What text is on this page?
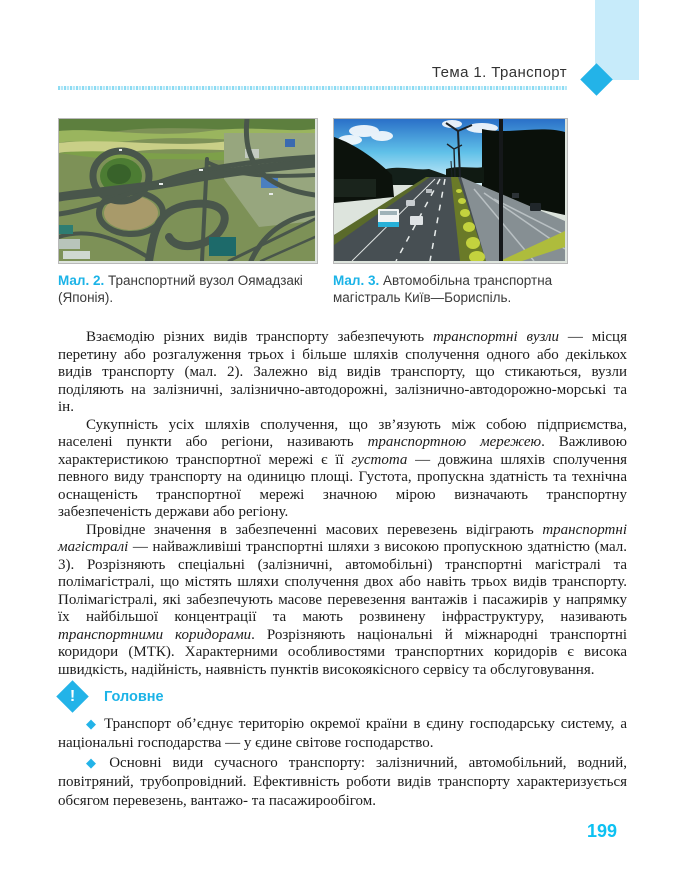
Тема 1. Транспорт
Мал. 2. Транспортний вузол Оямадзакі (Японія).
Мал. 3. Автомобільна транспортна магістраль Київ—Бориспіль.

Взаємодію різних видів транспорту забезпечують транспортні вузли — місця перетину або розгалуження трьох і більше шляхів сполучення одного або декількох видів транспорту (мал. 2). Залежно від видів транспорту, що стикаються, вузли поділяють на залізничні, залізнично-автодорожні, залізнично-автодорожно-морські та ін.

Сукупність усіх шляхів сполучення, що зв’язують між собою підприємства, населені пункти або регіони, називають транспортною мережею. Важливою характеристикою транспортної мережі є її густота — довжина шляхів сполучення певного виду транспорту на одиницю площі. Густота, пропускна здатність та технічна оснащеність транспортної мережі значною мірою визначають транспортну забезпеченість держави або регіону.

Провідне значення в забезпеченні масових перевезень відіграють транспортні магістралі — найважливіші транспортні шляхи з високою пропускною здатністю (мал. 3). Розрізняють спеціальні (залізничні, автомобільні) транспортні магістралі та полімагістралі, що містять шляхи сполучення двох або навіть трьох видів транспорту. Полімагістралі, які забезпечують масове перевезення вантажів і пасажирів у напрямку їх найбільшої концентрації та мають розвинену інфраструктуру, називають транспортними коридорами. Розрізняють національні й міжнародні транспортні коридори (МТК). Характерними особливостями транспортних коридорів є висока швидкість, надійність, наявність пунктів високоякісного сервісу та обслуговування.

!	Головне

◆ Транспорт об’єднує територію окремої країни в єдину господарську систему, а національні господарства — у єдине світове господарство.

◆ Основні види сучасного транспорту: залізничний, автомобільний, водний, повітряний, трубопровідний. Ефективність роботи видів транспорту характеризується обсягом перевезень, вантажо- та пасажирообігом.

199
